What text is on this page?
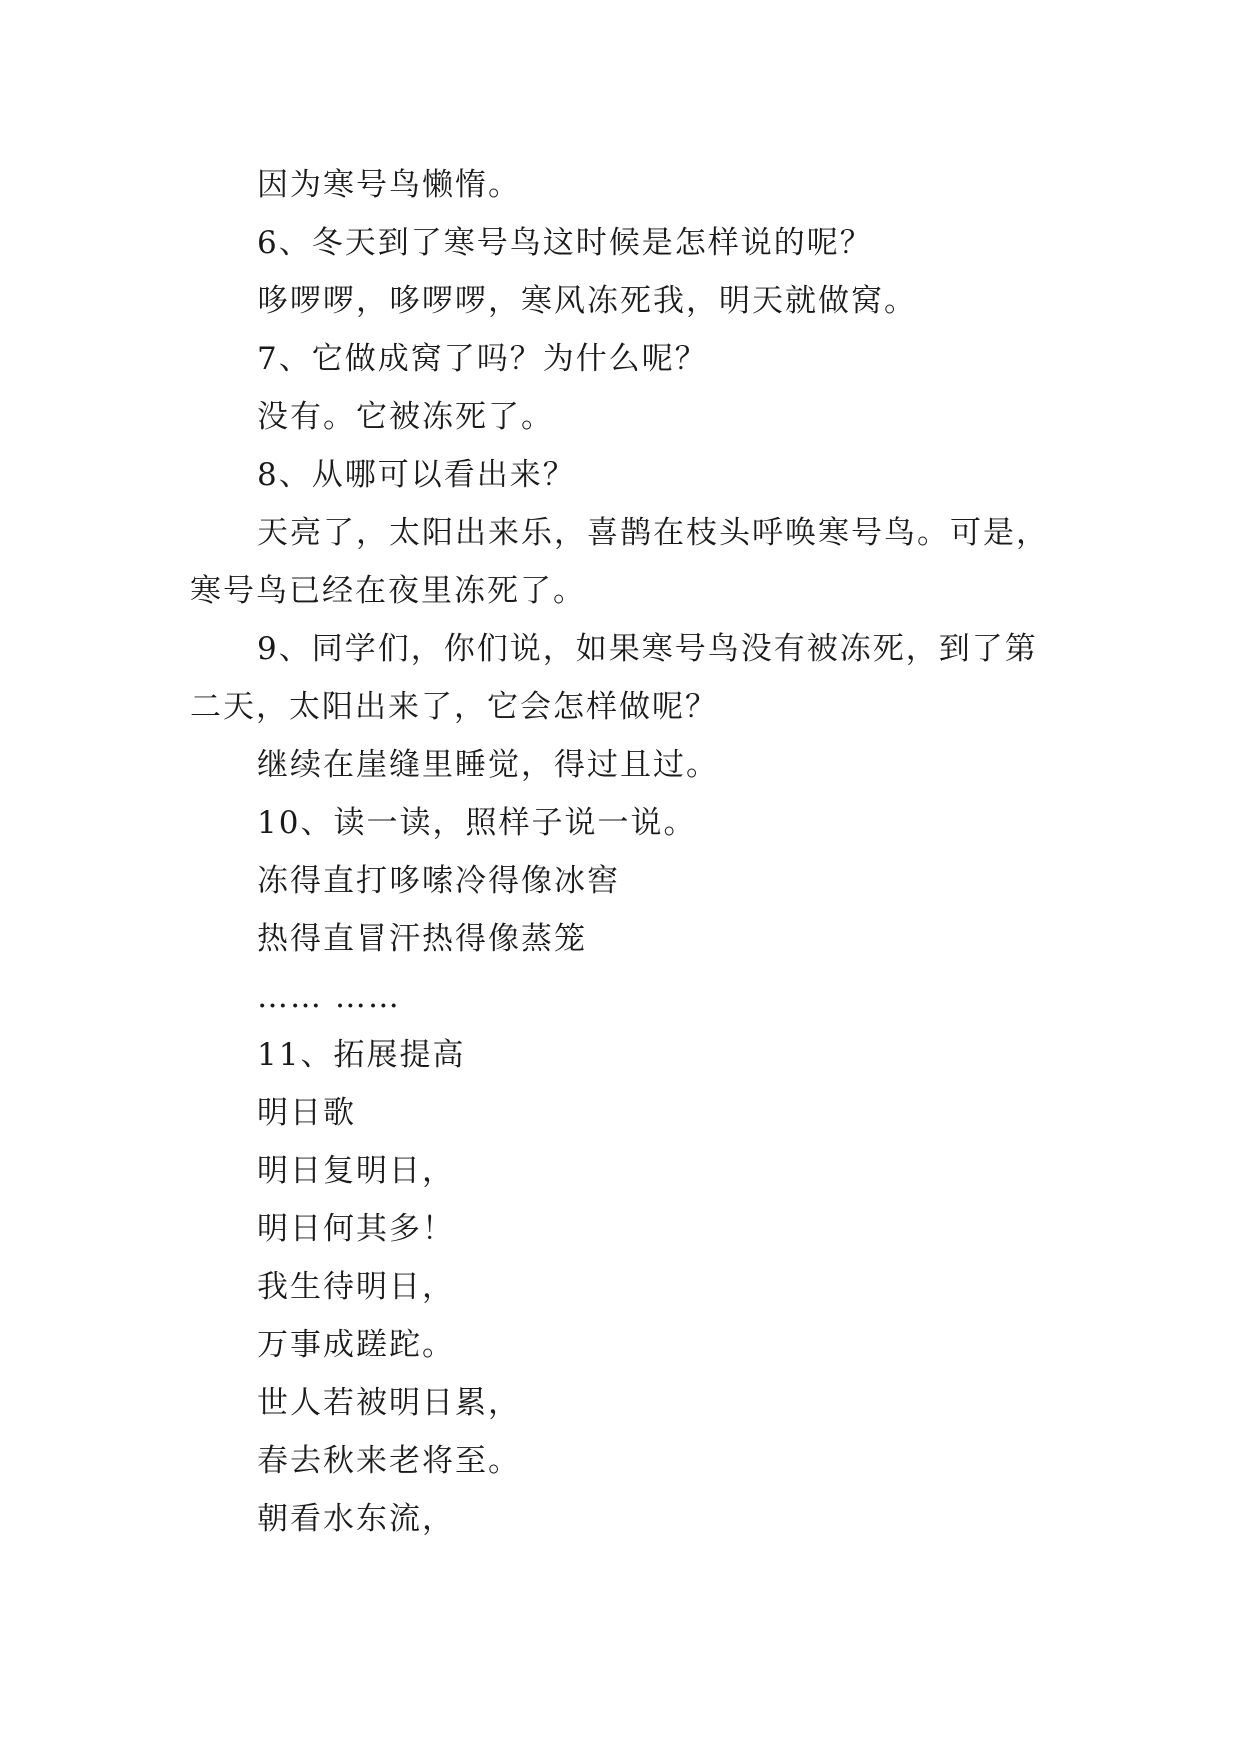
因为寒号鸟懒惰。
6、冬天到了寒号鸟这时候是怎样说的呢？
哆啰啰，哆啰啰，寒风冻死我，明天就做窝。
7、它做成窝了吗？为什么呢？
没有。它被冻死了。
8、从哪可以看出来？
天亮了，太阳出来乐，喜鹊在枝头呼唤寒号鸟。可是，
寒号鸟已经在夜里冻死了。
9、同学们，你们说，如果寒号鸟没有被冻死，到了第
二天，太阳出来了，它会怎样做呢？
继续在崖缝里睡觉，得过且过。
10、读一读，照样子说一说。
冻得直打哆嗦冷得像冰窖
热得直冒汗热得像蒸笼
…… ……
11、拓展提高
明日歌
明日复明日，
明日何其多！
我生待明日，
万事成蹉跎。
世人若被明日累，
春去秋来老将至。
朝看水东流，
